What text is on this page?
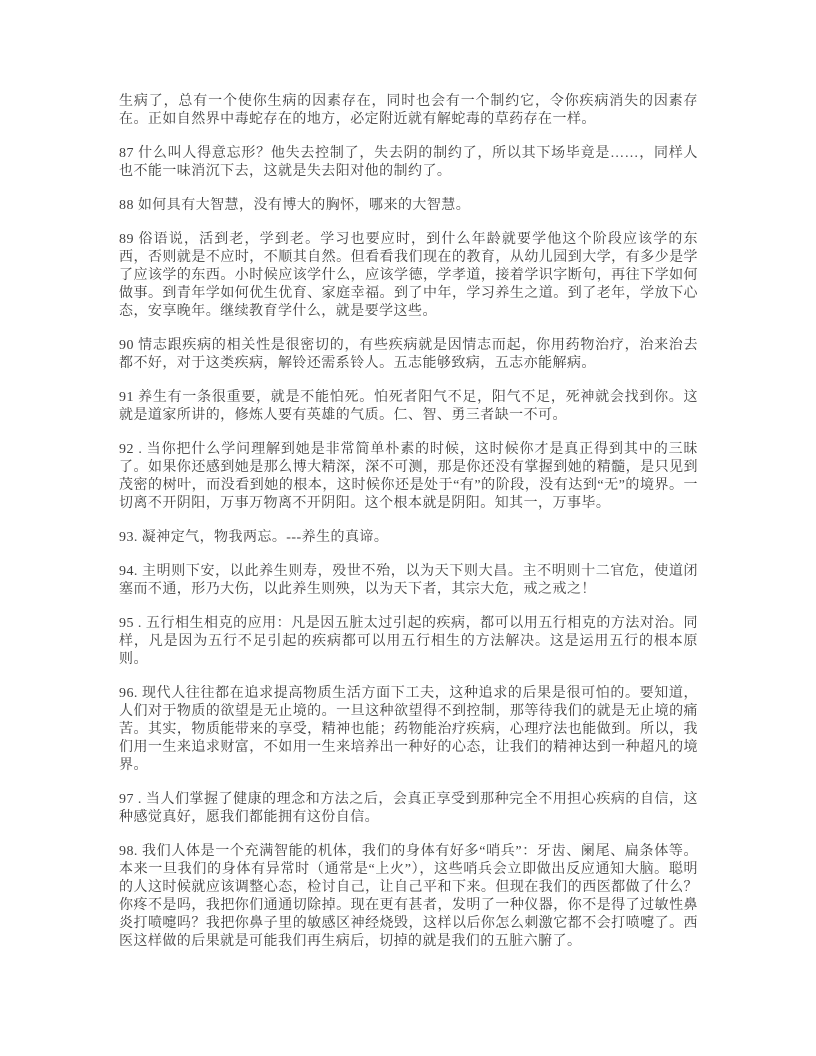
生病了，总有一个使你生病的因素存在，同时也会有一个制约它，令你疾病消失的因素存在。正如自然界中毒蛇存在的地方，必定附近就有解蛇毒的草药存在一样。

87 什么叫人得意忘形？他失去控制了，失去阴的制约了，所以其下场毕竟是……，同样人也不能一味消沉下去，这就是失去阳对他的制约了。

88 如何具有大智慧，没有博大的胸怀，哪来的大智慧。

89 俗语说，活到老，学到老。学习也要应时，到什么年龄就要学他这个阶段应该学的东西，否则就是不应时，不顺其自然。但看看我们现在的教育，从幼儿园到大学，有多少是学了应该学的东西。小时候应该学什么，应该学德，学孝道，接着学识字断句，再往下学如何做事。到青年学如何优生优育、家庭幸福。到了中年，学习养生之道。到了老年，学放下心态，安享晚年。继续教育学什么，就是要学这些。

90 情志跟疾病的相关性是很密切的，有些疾病就是因情志而起，你用药物治疗，治来治去都不好，对于这类疾病，解铃还需系铃人。五志能够致病，五志亦能解病。

91 养生有一条很重要，就是不能怕死。怕死者阳气不足，阳气不足，死神就会找到你。这就是道家所讲的，修炼人要有英雄的气质。仁、智、勇三者缺一不可。

92 . 当你把什么学问理解到她是非常简单朴素的时候，这时候你才是真正得到其中的三昧了。如果你还感到她是那么博大精深，深不可测，那是你还没有掌握到她的精髓，是只见到茂密的树叶，而没看到她的根本，这时候你还是处于“有”的阶段，没有达到“无”的境界。一切离不开阴阳，万事万物离不开阴阳。这个根本就是阴阳。知其一，万事毕。

93. 凝神定气，物我两忘。---养生的真谛。

94. 主明则下安，以此养生则寿，殁世不殆，以为天下则大昌。主不明则十二官危，使道闭塞而不通，形乃大伤，以此养生则殃，以为天下者，其宗大危，戒之戒之！

95 . 五行相生相克的应用：凡是因五脏太过引起的疾病，都可以用五行相克的方法对治。同样，凡是因为五行不足引起的疾病都可以用五行相生的方法解决。这是运用五行的根本原则。

96. 现代人往往都在追求提高物质生活方面下工夫，这种追求的后果是很可怕的。要知道，人们对于物质的欲望是无止境的。一旦这种欲望得不到控制，那等待我们的就是无止境的痛苦。其实，物质能带来的享受，精神也能；药物能治疗疾病，心理疗法也能做到。所以，我们用一生来追求财富，不如用一生来培养出一种好的心态，让我们的精神达到一种超凡的境界。

97 . 当人们掌握了健康的理念和方法之后，会真正享受到那种完全不用担心疾病的自信，这种感觉真好，愿我们都能拥有这份自信。

98. 我们人体是一个充满智能的机体，我们的身体有好多“哨兵”：牙齿、阑尾、扁条体等。本来一旦我们的身体有异常时（通常是“上火”），这些哨兵会立即做出反应通知大脑。聪明的人这时候就应该调整心态，检讨自己，让自己平和下来。但现在我们的西医都做了什么？你疼不是吗，我把你们通通切除掉。现在更有甚者，发明了一种仪器，你不是得了过敏性鼻炎打喷嚏吗？我把你鼻子里的敏感区神经烧毁，这样以后你怎么刺激它都不会打喷嚏了。西医这样做的后果就是可能我们再生病后，切掉的就是我们的五脏六腑了。
